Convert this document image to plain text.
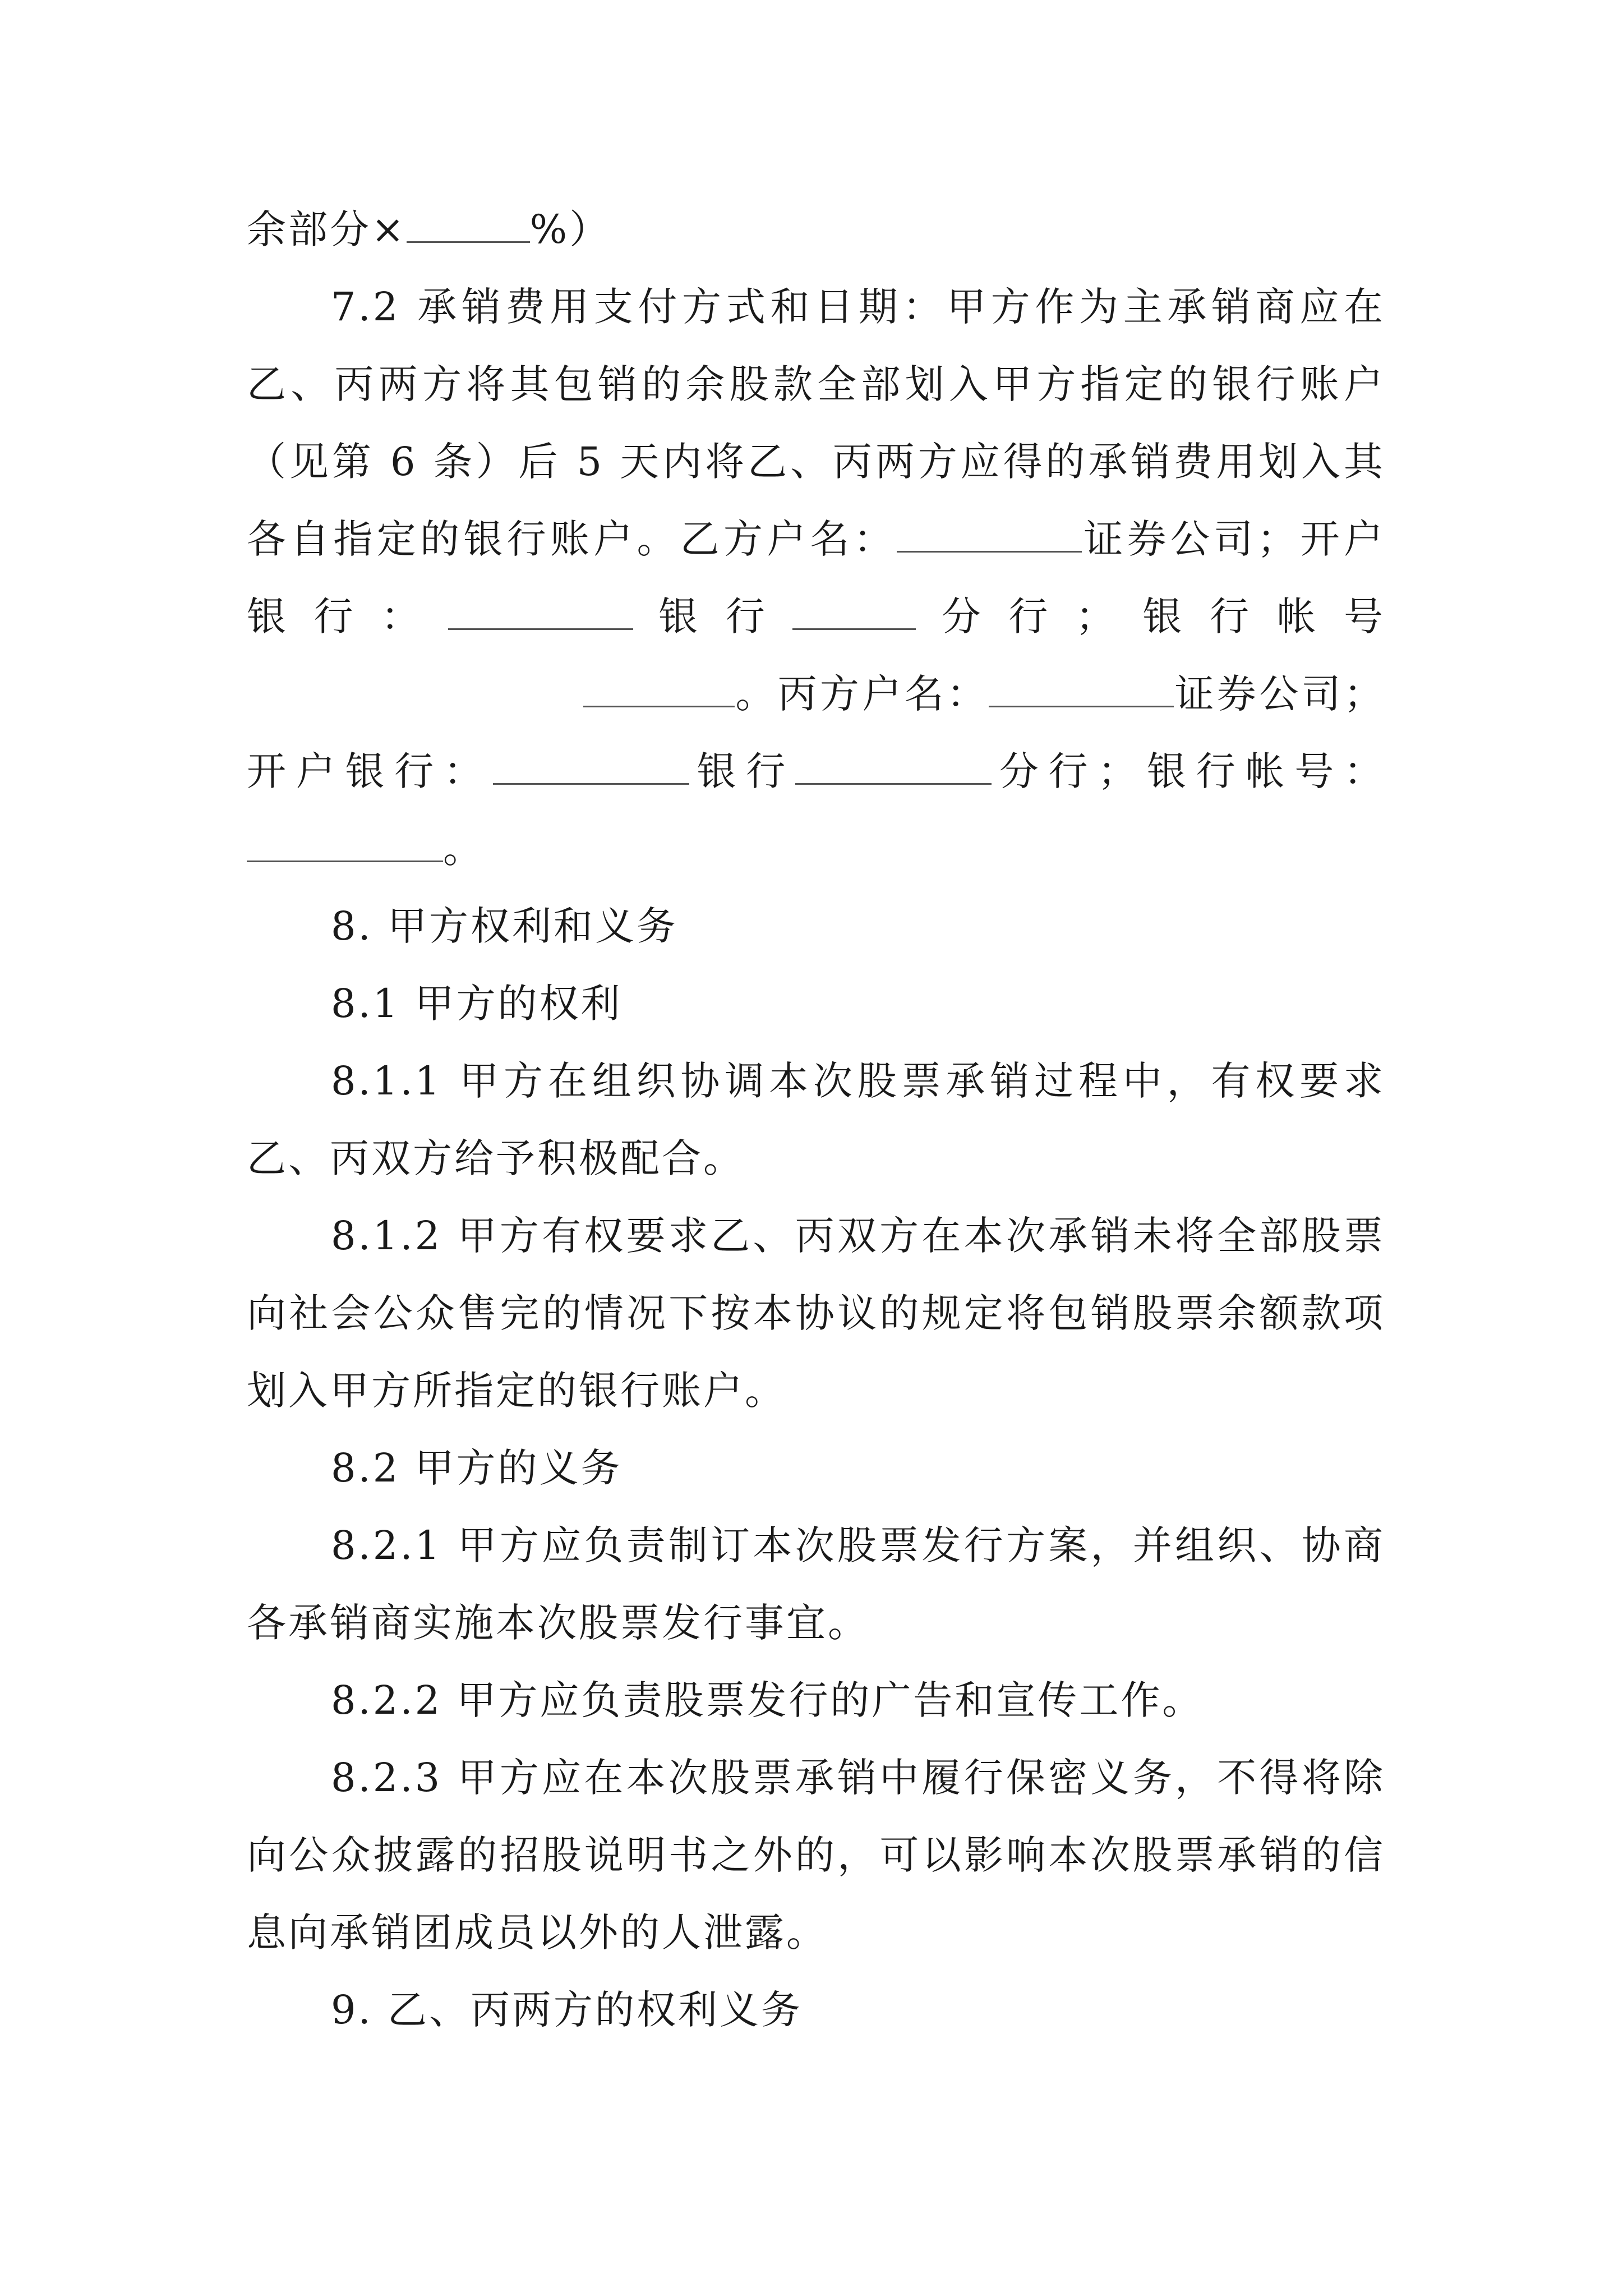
余部分×	%）

7.2 承销费用支付方式和日期：甲方作为主承销商应在乙、丙两方将其包销的余股款全部划入甲方指定的银行账户（见第 6 条）后 5 天内将乙、丙两方应得的承销费用划入其各自指定的银行账户。乙方户名：	证券公司；开户银行：	银行	分行；银行帐号。丙方户名：	证券公司；开户银行：	银行	分行；银行帐号：。

8. 甲方权利和义务

8.1 甲方的权利

8.1.1 甲方在组织协调本次股票承销过程中，有权要求乙、丙双方给予积极配合。

8.1.2 甲方有权要求乙、丙双方在本次承销未将全部股票向社会公众售完的情况下按本协议的规定将包销股票余额款项划入甲方所指定的银行账户。

8.2 甲方的义务

8.2.1 甲方应负责制订本次股票发行方案，并组织、协商各承销商实施本次股票发行事宜。

8.2.2 甲方应负责股票发行的广告和宣传工作。

8.2.3 甲方应在本次股票承销中履行保密义务，不得将除向公众披露的招股说明书之外的，可以影响本次股票承销的信息向承销团成员以外的人泄露。

9. 乙、丙两方的权利义务
